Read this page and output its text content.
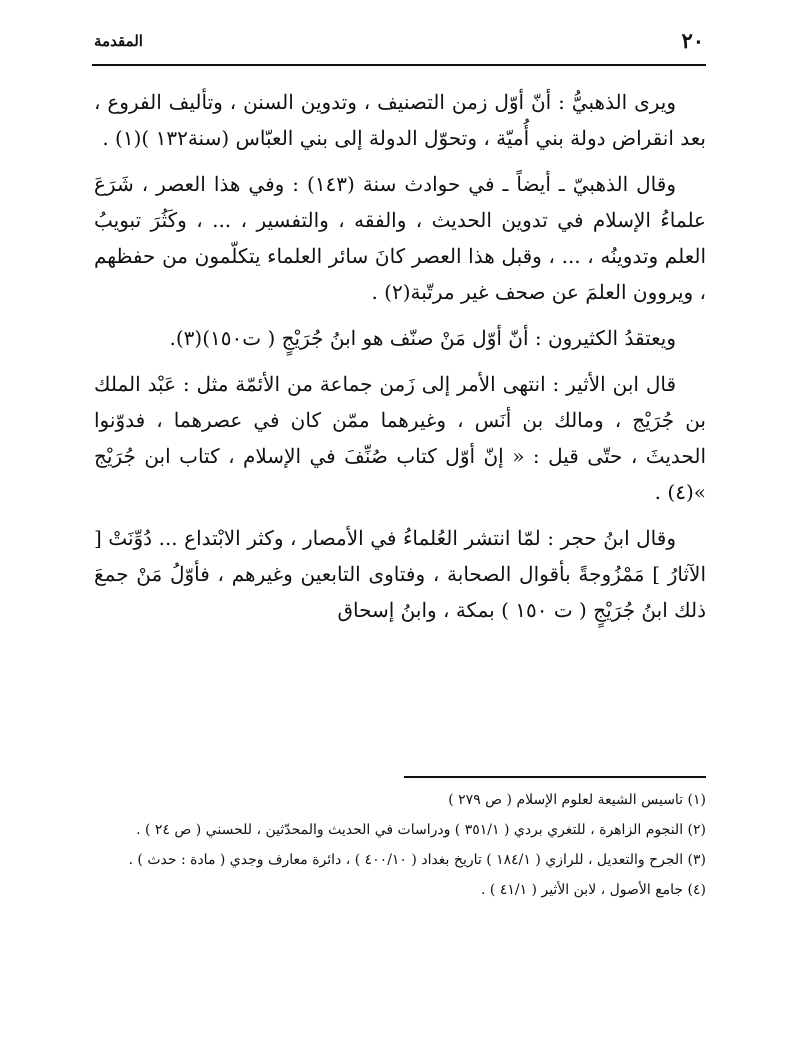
٢٠
المقدمة

ويرى الذهبيُّ : أنّ أوّل زمن التصنيف ، وتدوين السنن ، وتأليف الفروع ، بعد انقراض دولة بني أُميّة ، وتحوّل الدولة إلى بني العبّاس (سنة١٣٢ )(١) .

وقال الذهبيّ ـ أيضاً ـ في حوادث سنة (١٤٣) : وفي هذا العصر ، شَرَعَ علماءُ الإسلام في تدوين الحديث ، والفقه ، والتفسير ، ... ، وكَثُرَ تبويبُ العلم وتدوينُه ، ... ، وقبل هذا العصر كانَ سائر العلماء يتكلّمون من حفظهم ، ويروون العلمَ عن صحف غير مرتّبة(٢) .

ويعتقدُ الكثيرون : أنّ أوّل مَنْ صنّف هو ابنُ جُرَيْجٍ ( ت١٥٠)(٣).

قال ابن الأثير : انتهى الأمر إلى زَمن جماعة من الأئمّة مثل : عَبْد الملك بن جُرَيْج ، ومالك بن أنَس ، وغيرهما ممّن كان في عصرهما ، فدوّنوا الحديثَ ، حتّى قيل : « إنّ أوّل كتاب صُنِّفَ في الإسلام ، كتاب ابن جُرَيْج »(٤) .

وقال ابنُ حجر : لمّا انتشر العُلماءُ في الأمصار ، وكثر الابْتداع ... دُوِّنَتْ [ الآثارُ ] مَمْزُوجةً بأقوال الصحابة ، وفتاوى التابعين وغيرهم ، فأوّلُ مَنْ جمعَ ذلك ابنُ جُرَيْجٍ ( ت ١٥٠ ) بمكة ، وابنُ إسحاق

(١) تاسيس الشيعة لعلوم الإسلام ( ص ٢٧٩ )

(٢) النجوم الزاهرة ، للتغري بردي ( ٣٥١/١ ) ودراسات في الحديث والمحدّثين ، للحسني ( ص ٢٤ ) .

(٣) الجرح والتعديل ، للرازي ( ١٨٤/١ ) تاريخ بغداد ( ٤٠٠/١٠ ) ، دائرة معارف وجدي ( مادة : حدث ) .

(٤) جامع الأصول ، لابن الأثير ( ٤١/١ ) .
